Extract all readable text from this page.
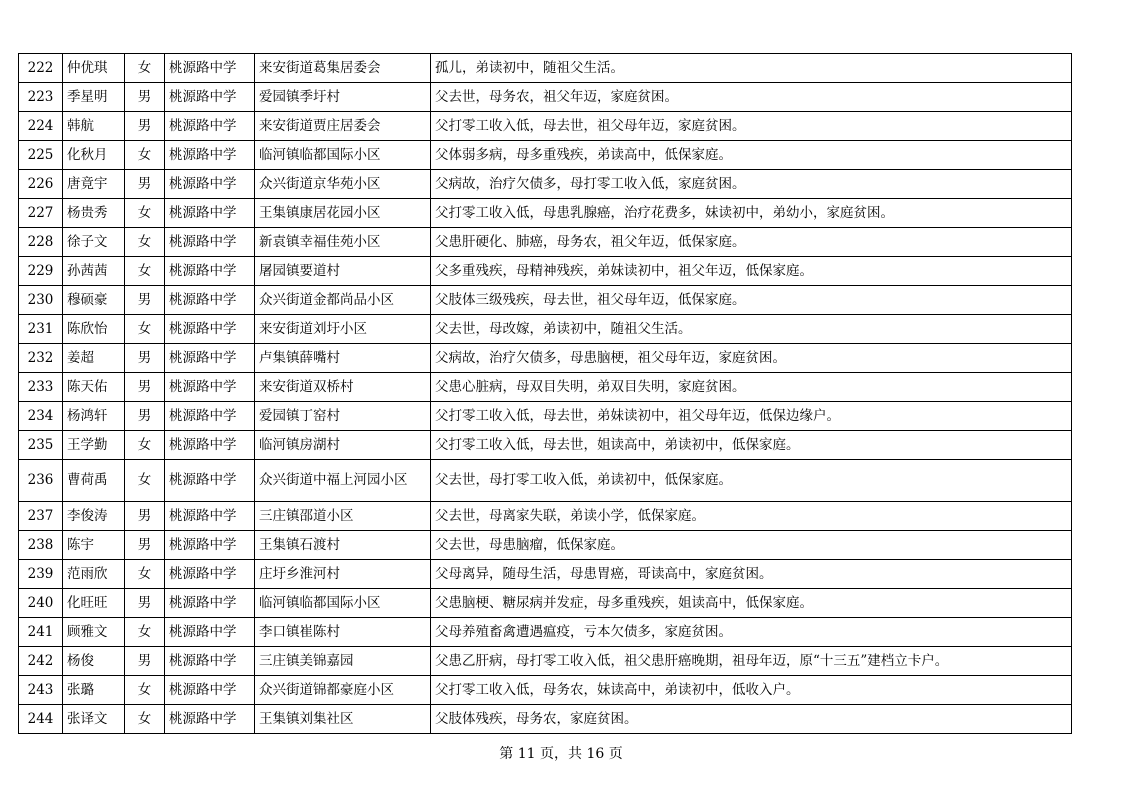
222	仲优琪	女	桃源路中学	来安街道葛集居委会	孤儿，弟读初中，随祖父生活。
223	季星明	男	桃源路中学	爱园镇季圩村	父去世，母务农，祖父年迈，家庭贫困。
224	韩航	男	桃源路中学	来安街道贾庄居委会	父打零工收入低，母去世，祖父母年迈，家庭贫困。
225	化秋月	女	桃源路中学	临河镇临都国际小区	父体弱多病，母多重残疾，弟读高中，低保家庭。
226	唐竟宇	男	桃源路中学	众兴街道京华苑小区	父病故，治疗欠债多，母打零工收入低，家庭贫困。
227	杨贵秀	女	桃源路中学	王集镇康居花园小区	父打零工收入低，母患乳腺癌，治疗花费多，妹读初中，弟幼小，家庭贫困。
228	徐子文	女	桃源路中学	新袁镇幸福佳苑小区	父患肝硬化、肺癌，母务农，祖父年迈，低保家庭。
229	孙茜茜	女	桃源路中学	屠园镇要道村	父多重残疾，母精神残疾，弟妹读初中，祖父年迈，低保家庭。
230	穆硕豪	男	桃源路中学	众兴街道金都尚品小区	父肢体三级残疾，母去世，祖父母年迈，低保家庭。
231	陈欣怡	女	桃源路中学	来安街道刘圩小区	父去世，母改嫁，弟读初中，随祖父生活。
232	姜超	男	桃源路中学	卢集镇薛嘴村	父病故，治疗欠债多，母患脑梗，祖父母年迈，家庭贫困。
233	陈天佑	男	桃源路中学	来安街道双桥村	父患心脏病，母双目失明，弟双目失明，家庭贫困。
234	杨鸿轩	男	桃源路中学	爱园镇丁窑村	父打零工收入低，母去世，弟妹读初中，祖父母年迈，低保边缘户。
235	王学勤	女	桃源路中学	临河镇房湖村	父打零工收入低，母去世，姐读高中，弟读初中，低保家庭。
236	曹荷禹	女	桃源路中学	众兴街道中福上河园小区	父去世，母打零工收入低，弟读初中，低保家庭。
237	李俊涛	男	桃源路中学	三庄镇邵道小区	父去世，母离家失联，弟读小学，低保家庭。
238	陈宇	男	桃源路中学	王集镇石渡村	父去世，母患脑瘤，低保家庭。
239	范雨欣	女	桃源路中学	庄圩乡淮河村	父母离异，随母生活，母患胃癌，哥读高中，家庭贫困。
240	化旺旺	男	桃源路中学	临河镇临都国际小区	父患脑梗、糖尿病并发症，母多重残疾，姐读高中，低保家庭。
241	顾雅文	女	桃源路中学	李口镇崔陈村	父母养殖畜禽遭遇瘟疫，亏本欠债多，家庭贫困。
242	杨俊	男	桃源路中学	三庄镇美锦嘉园	父患乙肝病，母打零工收入低，祖父患肝癌晚期，祖母年迈，原“十三五”建档立卡户。
243	张璐	女	桃源路中学	众兴街道锦都豪庭小区	父打零工收入低，母务农，妹读高中，弟读初中，低收入户。
244	张译文	女	桃源路中学	王集镇刘集社区	父肢体残疾，母务农，家庭贫困。
第 11 页，共 16 页
